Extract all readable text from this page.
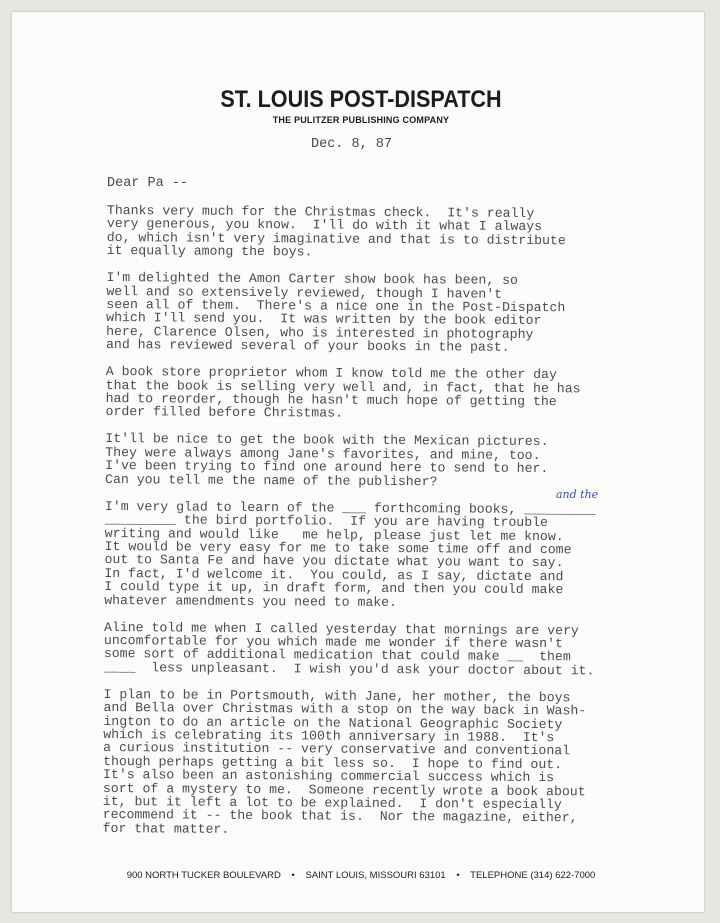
ST. LOUIS POST-DISPATCH
THE PULITZER PUBLISHING COMPANY
Dec. 8, 87
Dear Pa --

Thanks very much for the Christmas check.  It's really
very generous, you know.  I'll do with it what I always
do, which isn't very imaginative and that is to distribute
it equally among the boys.

I'm delighted the Amon Carter show book has been, so
well and so extensively reviewed, though I haven't
seen all of them.  There's a nice one in the Post-Dispatch
which I'll send you.  It was written by the book editor
here, Clarence Olsen, who is interested in photography
and has reviewed several of your books in the past.

A book store proprietor whom I know told me the other day
that the book is selling very well and, in fact, that he has
had to reorder, though he hasn't much hope of getting the
order filled before Christmas.

It'll be nice to get the book with the Mexican pictures.
They were always among Jane's favorites, and mine, too.
I've been trying to find one around here to send to her.
Can you tell me the name of the publisher?

I'm very glad to learn of the ___ forthcoming books, _________
_________ the bird portfolio.  If you are having trouble
writing and would like   me help, please just let me know.
It would be very easy for me to take some time off and come
out to Santa Fe and have you dictate what you want to say.
In fact, I'd welcome it.  You could, as I say, dictate and
I could type it up, in draft form, and then you could make
whatever amendments you need to make.

Aline told me when I called yesterday that mornings are very
uncomfortable for you which made me wonder if there wasn't
some sort of additional medication that could make __  them
____  less unpleasant.  I wish you'd ask your doctor about it.

I plan to be in Portsmouth, with Jane, her mother, the boys
and Bella over Christmas with a stop on the way back in Wash-
ington to do an article on the National Geographic Society
which is celebrating its 100th anniversary in 1988.  It's
a curious institution -- very conservative and conventional
though perhaps getting a bit less so.  I hope to find out.
It's also been an astonishing commercial success which is
sort of a mystery to me.  Someone recently wrote a book about
it, but it left a lot to be explained.  I don't especially
recommend it -- the book that is.  Nor the magazine, either,
for that matter.

and the
900 NORTH TUCKER BOULEVARD • SAINT LOUIS, MISSOURI 63101 • TELEPHONE (314) 622-7000
